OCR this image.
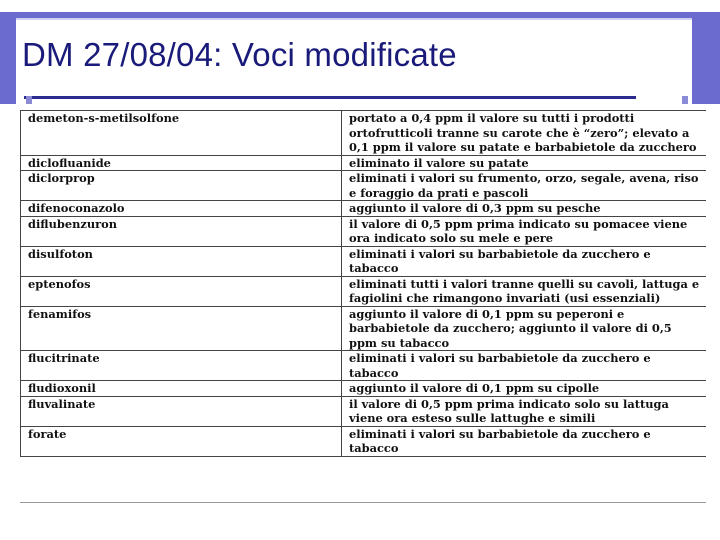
DM 27/08/04: Voci modificate
demeton-s-metilsolfone	portato a 0,4 ppm il valore su tutti i prodotti ortofrutticoli tranne su carote che è “zero”; elevato a 0,1 ppm il valore su patate e barbabietole da zucchero
diclofluanide	eliminato il valore su patate
diclorprop	eliminati i valori su frumento, orzo, segale, avena, riso e foraggio da prati e pascoli
difenoconazolo	aggiunto il valore di 0,3 ppm su pesche
diflubenzuron	il valore di 0,5 ppm prima indicato su pomacee viene ora indicato solo su mele e pere
disulfoton	eliminati i valori su barbabietole da zucchero e tabacco
eptenofos	eliminati tutti i valori tranne quelli su cavoli, lattuga e fagiolini che rimangono invariati (usi essenziali)
fenamifos	aggiunto il valore di 0,1 ppm su peperoni e barbabietole da zucchero; aggiunto il valore di 0,5 ppm su tabacco
flucitrinate	eliminati i valori su barbabietole da zucchero e tabacco
fludioxonil	aggiunto il valore di 0,1 ppm su cipolle
fluvalinate	il valore di 0,5 ppm prima indicato solo su lattuga viene ora esteso sulle lattughe e simili
forate	eliminati i valori su barbabietole da zucchero e tabacco
